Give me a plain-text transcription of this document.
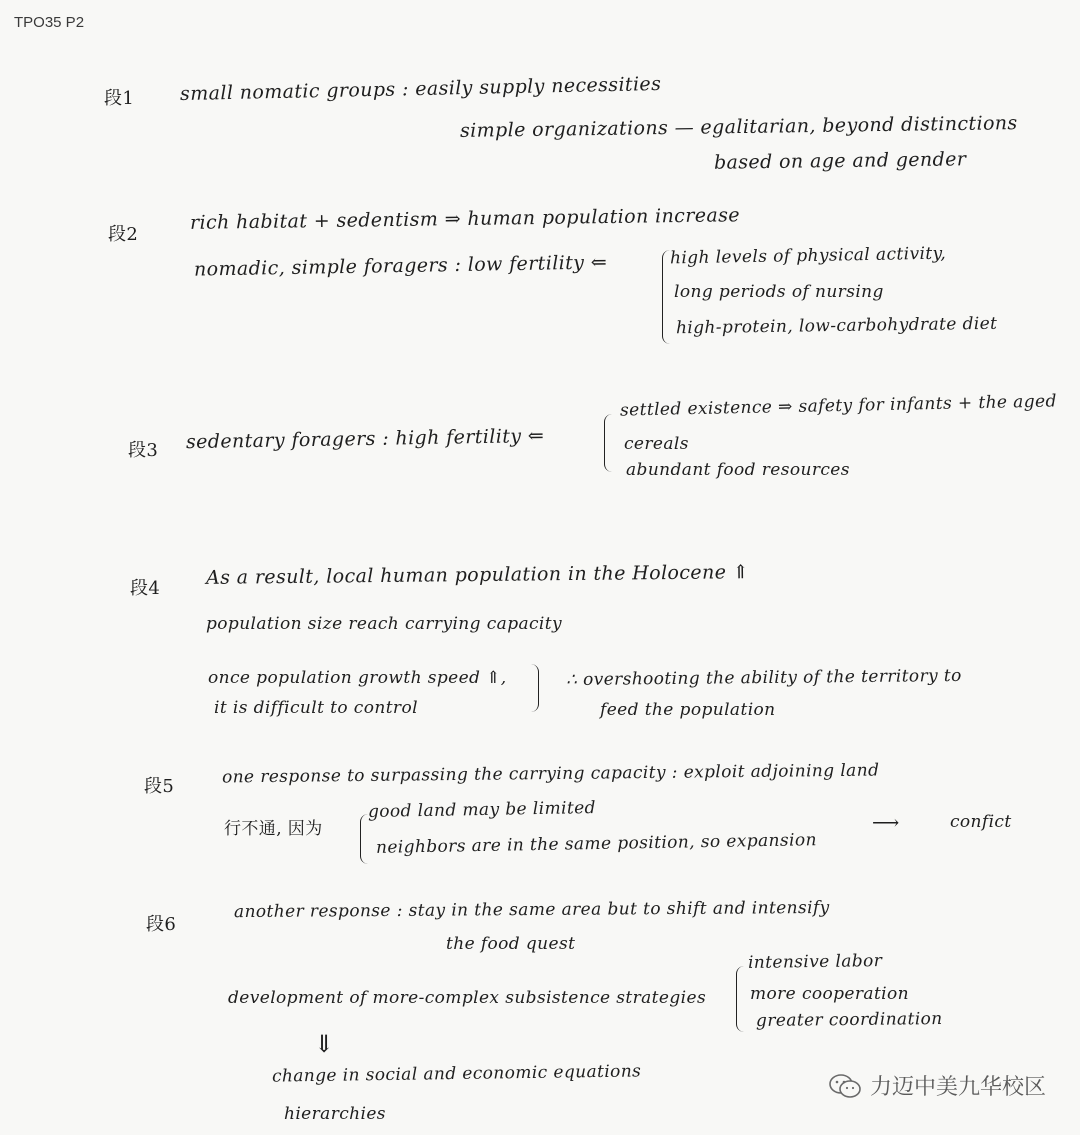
TPO35 P2
段1 small nomatic groups : easily supply necessities
simple organizations — egalitarian, beyond distinctions
based on age and gender
段2
rich habitat + sedentism ⇒ human population increase
nomadic, simple foragers : low fertility ⇐	high levels of physical activity,
long periods of nursing
high-protein, low-carbohydrate diet
段3 sedentary foragers : high fertility ⇐
settled existence ⇒ safety for infants + the aged
cereals
abundant food resources
段4 As a result, local human population in the Holocene ⇑
population size reach carrying capacity
once population growth speed ⇑,
it is difficult to control
∴ overshooting the ability of the territory to
feed the population
段5	one response to surpassing the carrying capacity : exploit adjoining land
行不通, 因为
good land may be limited
neighbors are in the same position, so expansion
⟶	confict
段6
another response : stay in the same area but to shift and intensify
the food quest
development of more-complex subsistence strategies
intensive labor
more cooperation
greater coordination
⇓
change in social and economic equations
hierarchies
力迈中美九华校区
